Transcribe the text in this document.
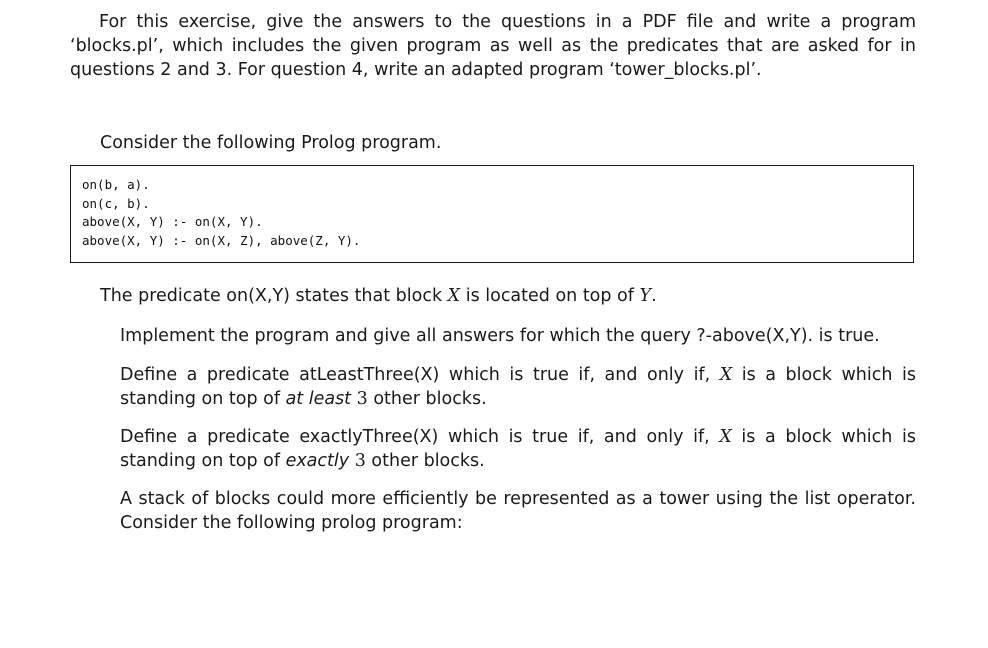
For this exercise, give the answers to the questions in a PDF file and write a program ‘blocks.pl’, which includes the given program as well as the predicates that are asked for in questions 2 and 3. For question 4, write an adapted program ‘tower_blocks.pl’.

Consider the following Prolog program.

on(b, a).
on(c, b).
above(X, Y) :- on(X, Y).
above(X, Y) :- on(X, Z), above(Z, Y).

The predicate on(X,Y) states that block X is located on top of Y.

Implement the program and give all answers for which the query ?-above(X,Y). is true.

Define a predicate atLeastThree(X) which is true if, and only if, X is a block which is standing on top of at least 3 other blocks.

Define a predicate exactlyThree(X) which is true if, and only if, X is a block which is standing on top of exactly 3 other blocks.

A stack of blocks could more efficiently be represented as a tower using the list operator. Consider the following prolog program:
